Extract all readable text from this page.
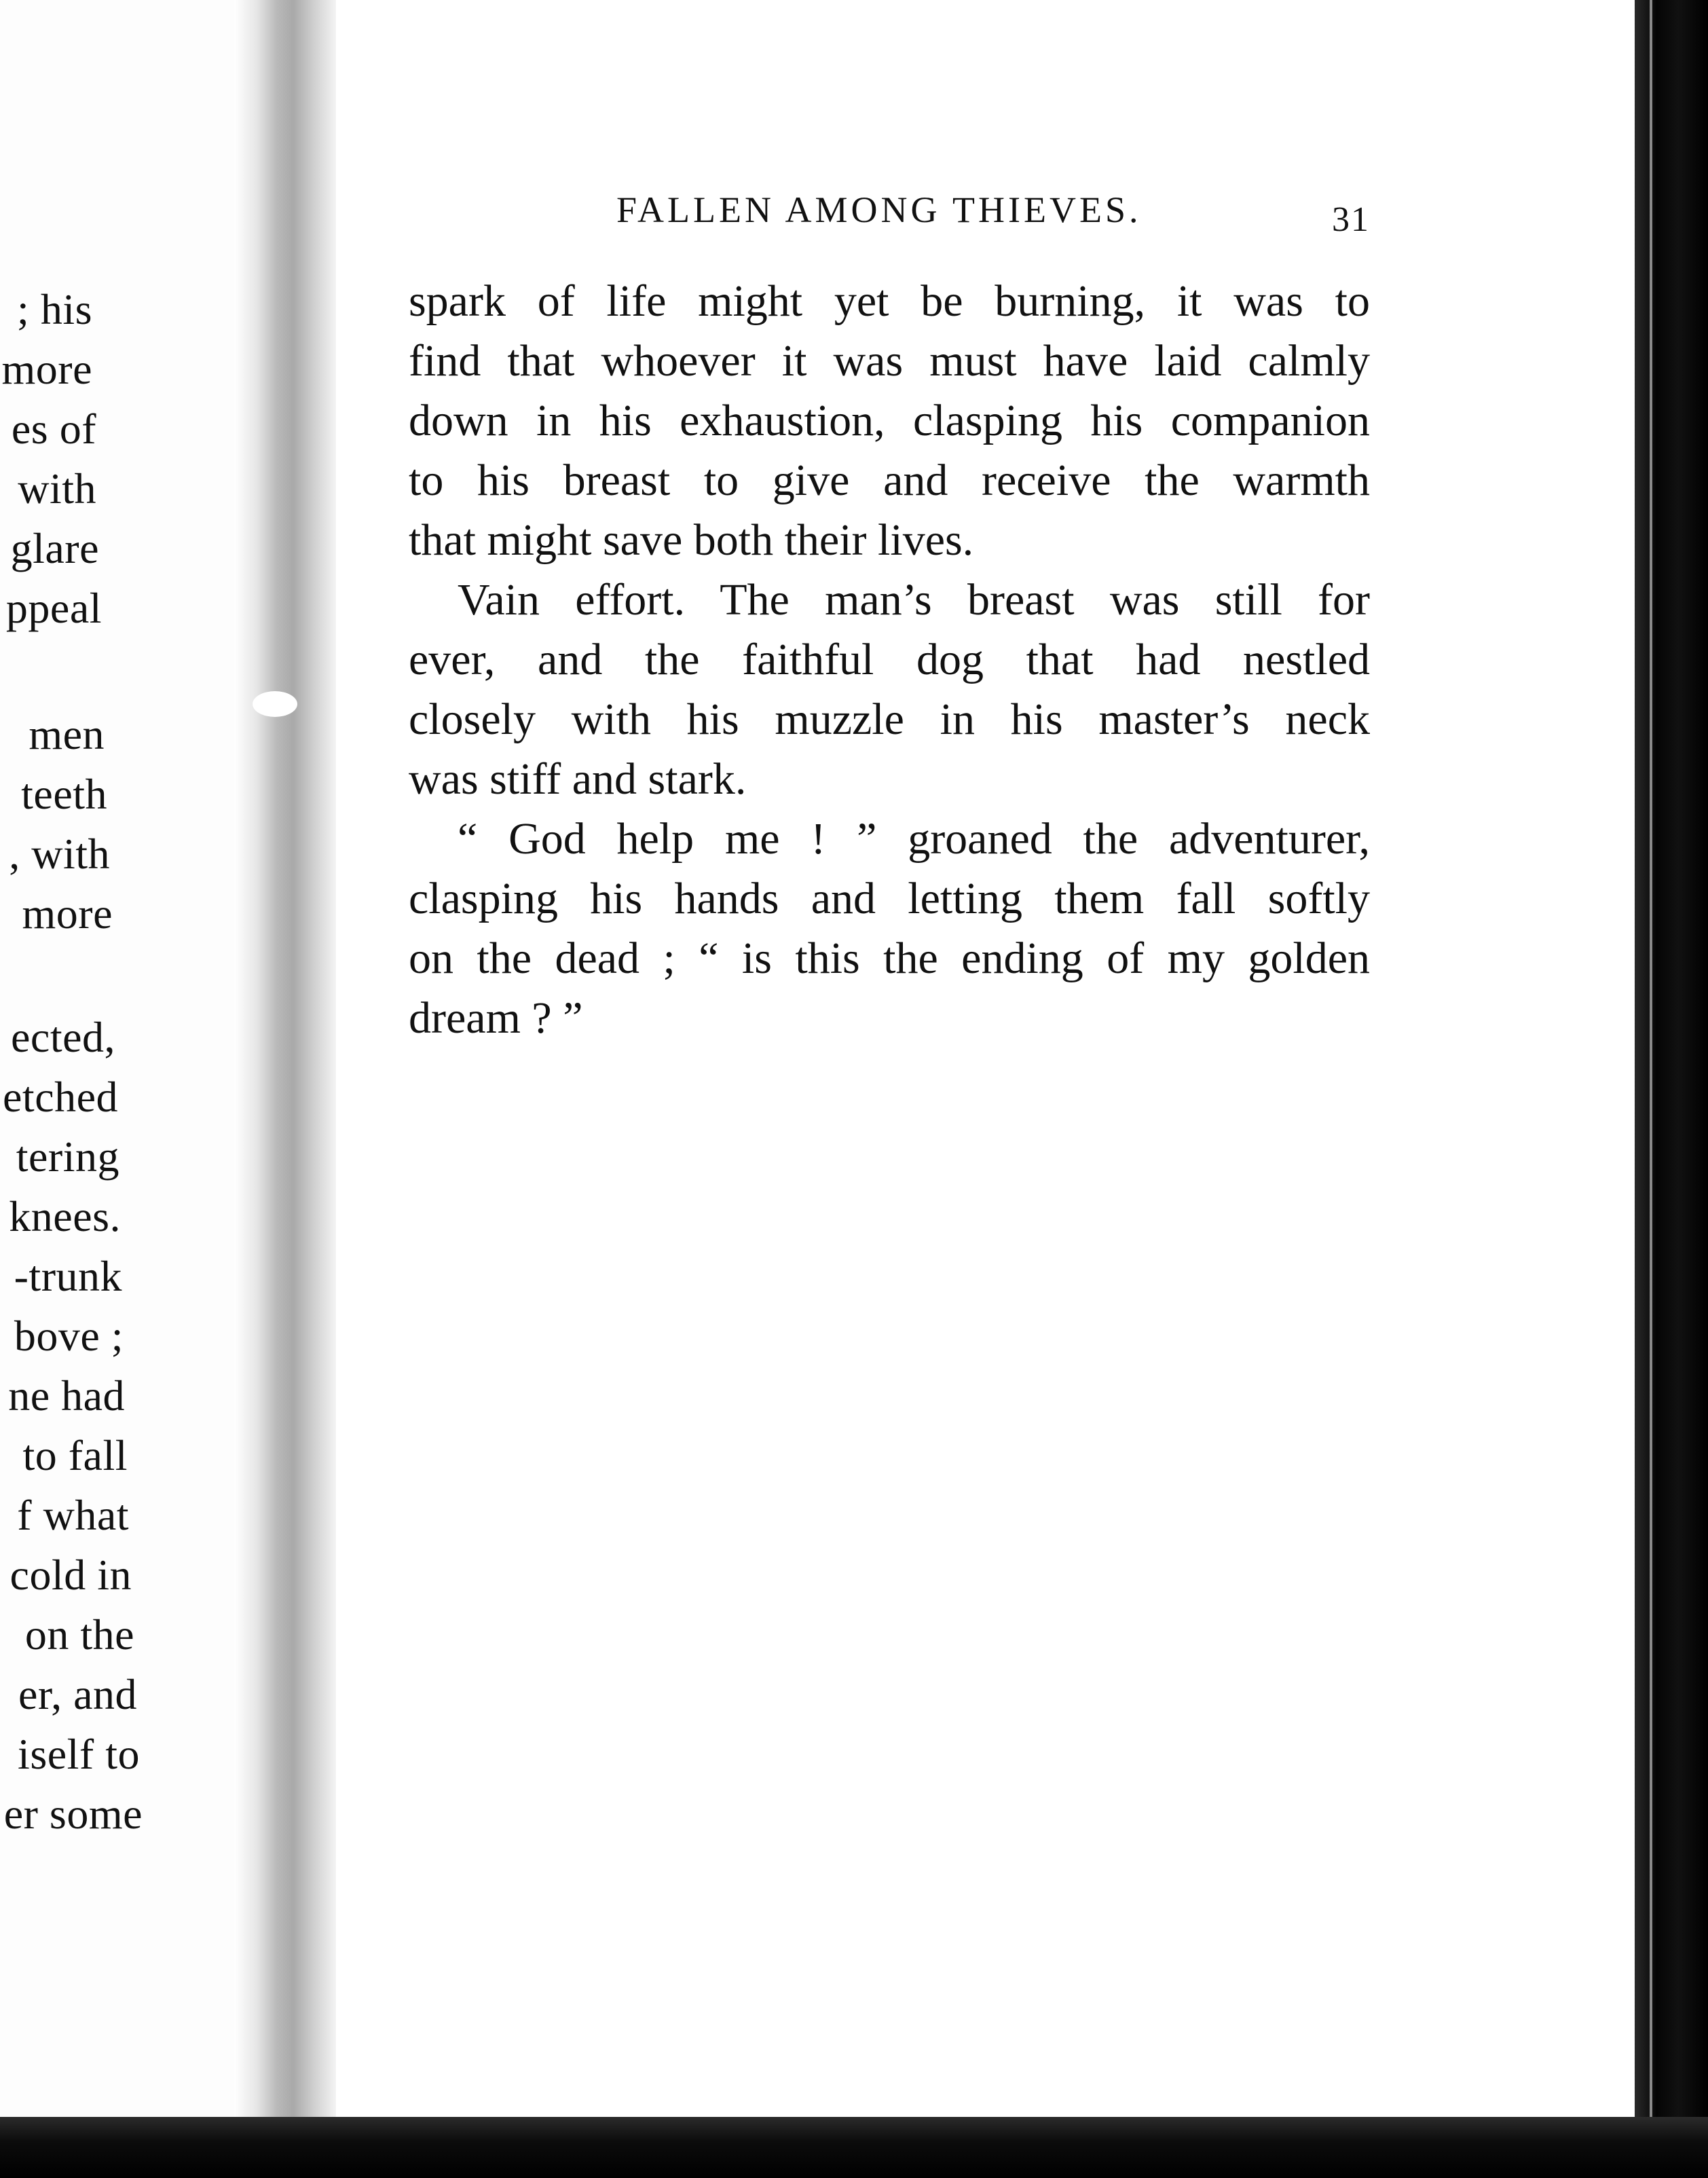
; his
more
es of
with
glare
ppeal
men
teeth
, with
more
ected,
etched
tering
knees.
-trunk
bove ;
ne had
to fall
f what
cold in
on the
er, and
iself to
er some
FALLEN AMONG THIEVES.	31
spark of life might yet be burning, it was to
find that whoever it was must have laid calmly
down in his exhaustion, clasping his companion
to his breast to give and receive the warmth
that might save both their lives.
Vain effort. The man’s breast was still for
ever, and the faithful dog that had nestled
closely with his muzzle in his master’s neck
was stiff and stark.
“ God help me ! ” groaned the adventurer,
clasping his hands and letting them fall softly
on the dead ; “ is this the ending of my golden
dream ? ”
